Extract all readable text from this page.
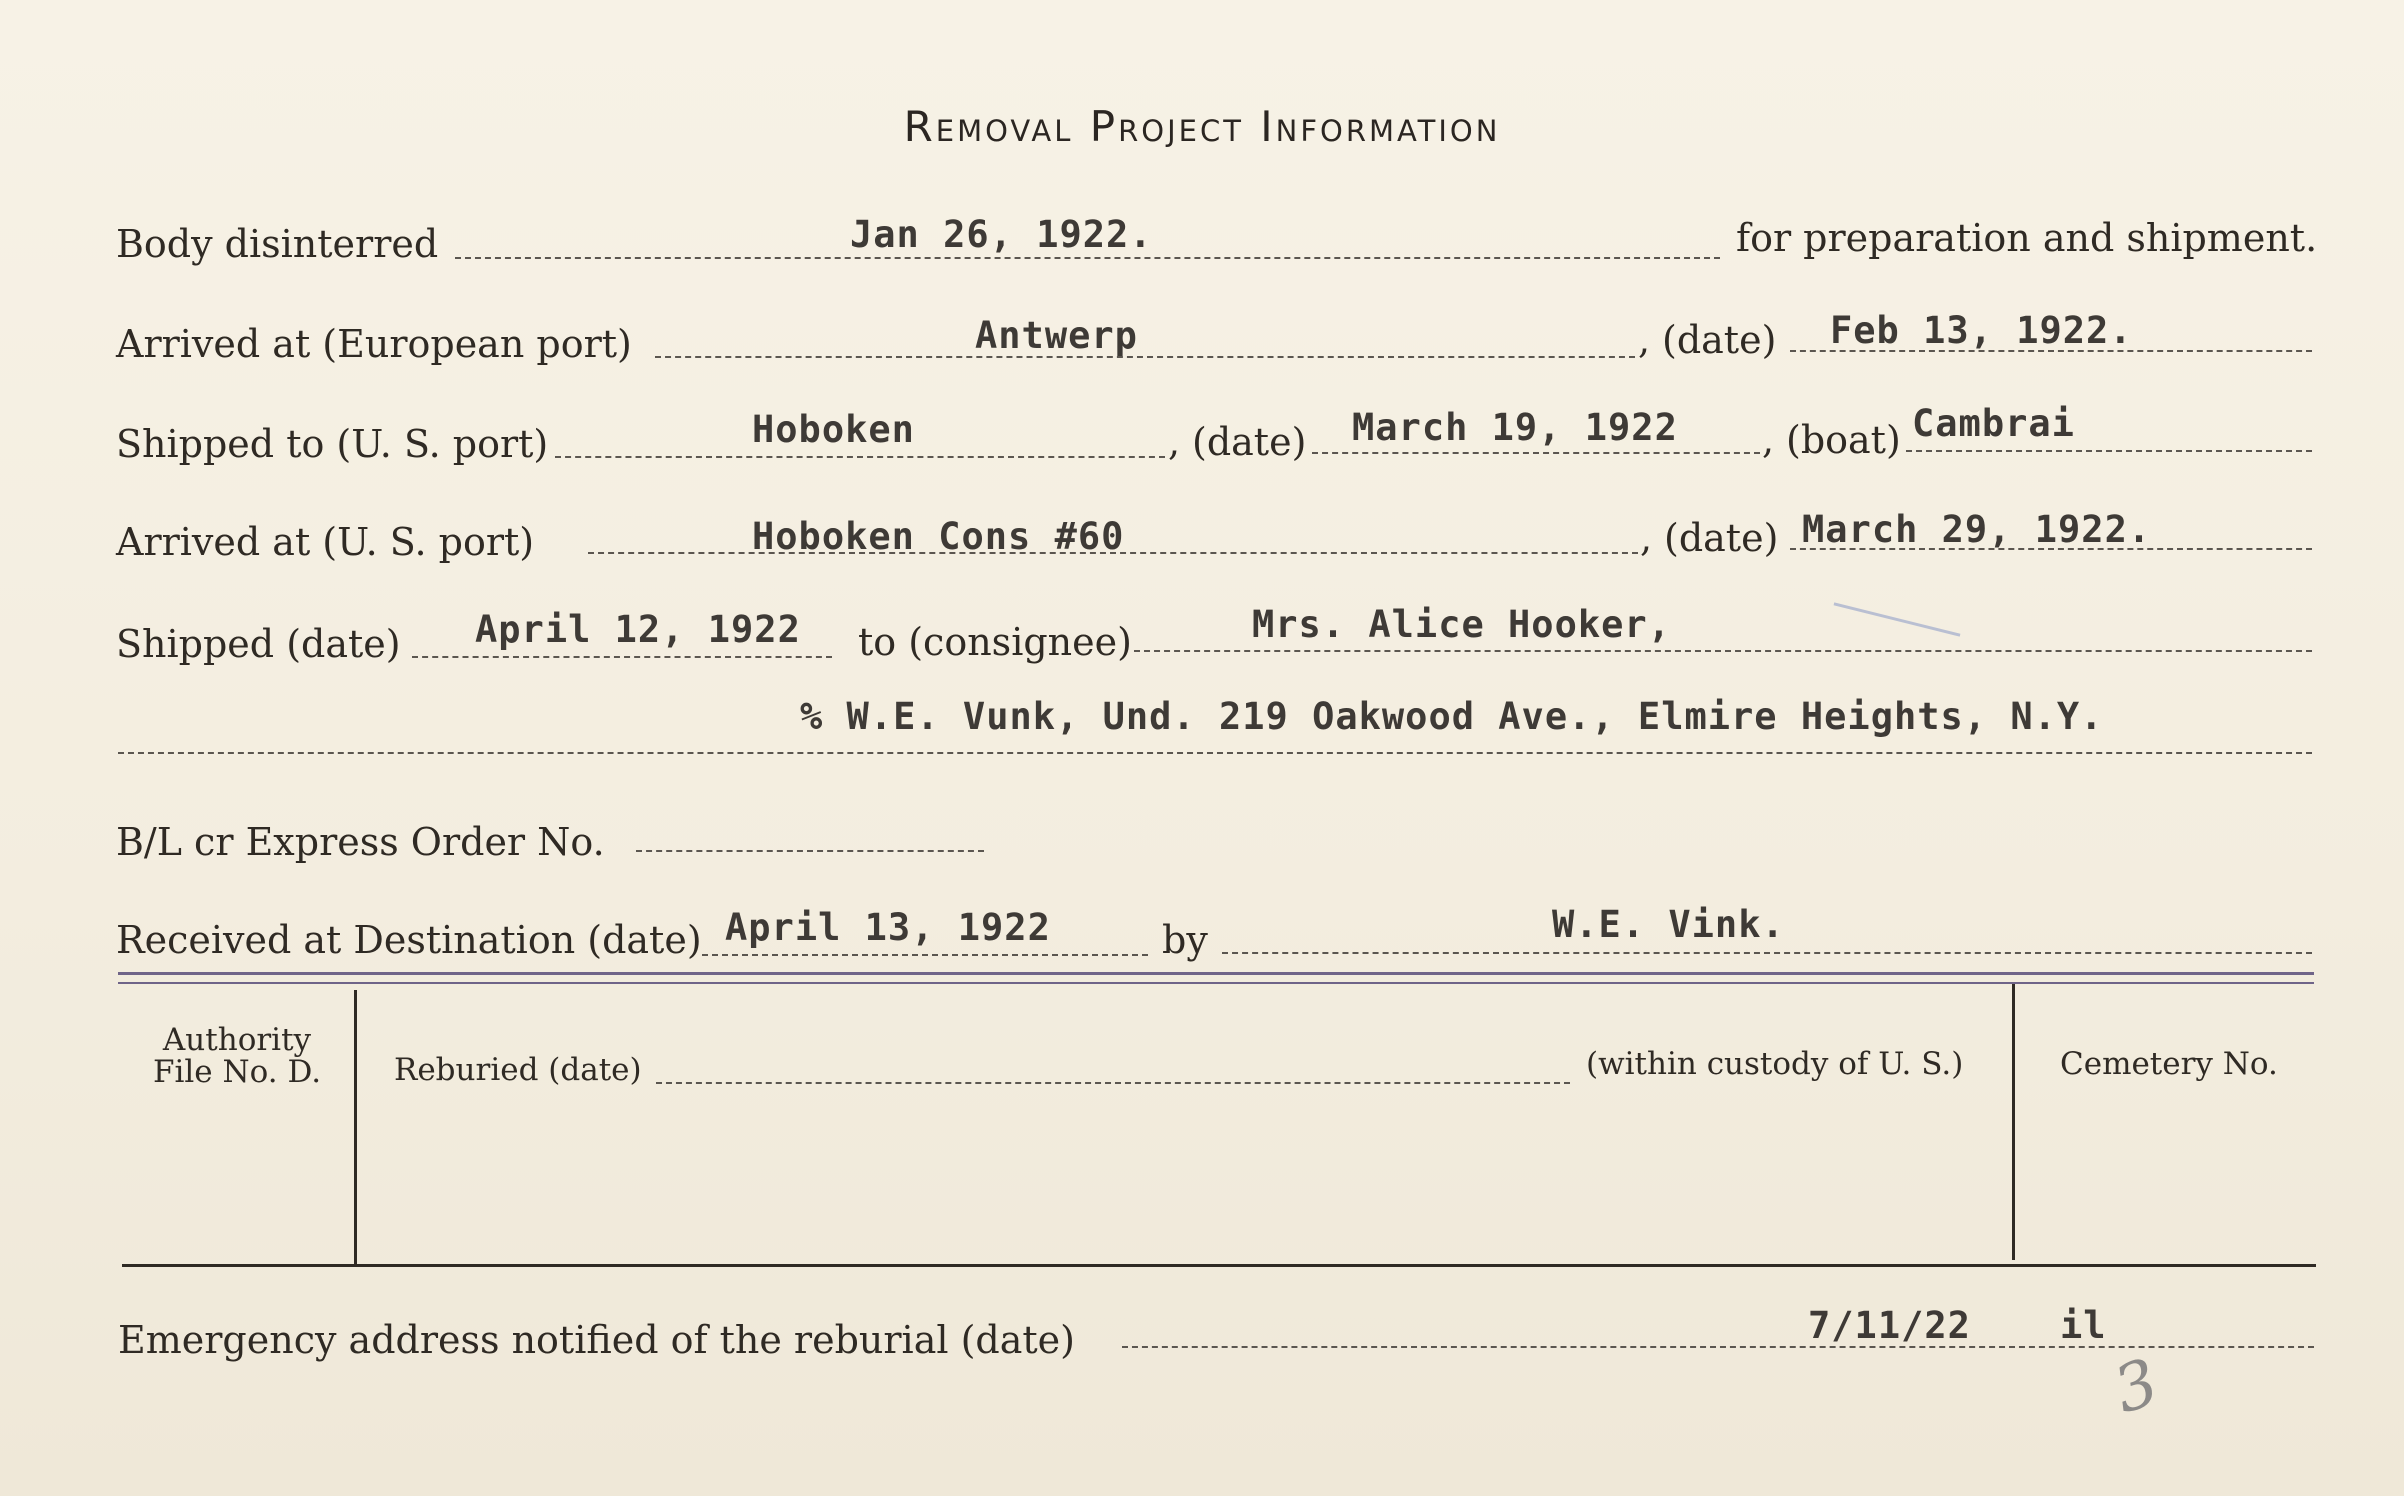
Removal Project Information
Body disinterred	Jan 26, 1922.	for preparation and shipment.
Arrived at (European port)	Antwerp	, (date) Feb 13, 1922.
Shipped to (U. S. port)	Hoboken	, (date) March 19, 1922 , (boat) Cambrai
Arrived at (U. S. port)	Hoboken Cons #60	, (date) March 29, 1922.
Shipped (date) April 12, 1922 to (consignee)	Mrs. Alice Hooker,
% W.E. Vunk, Und. 219 Oakwood Ave., Elmire Heights, N.Y.
B/L cr Express Order No.
Received at Destination (date) April 13, 1922	by	W.E. Vink.
Authority
File No. D.	Reburied (date)	(within custody of U. S.)	Cemetery No.
Emergency address notified of the reburial (date)	7/11/22 il
3
